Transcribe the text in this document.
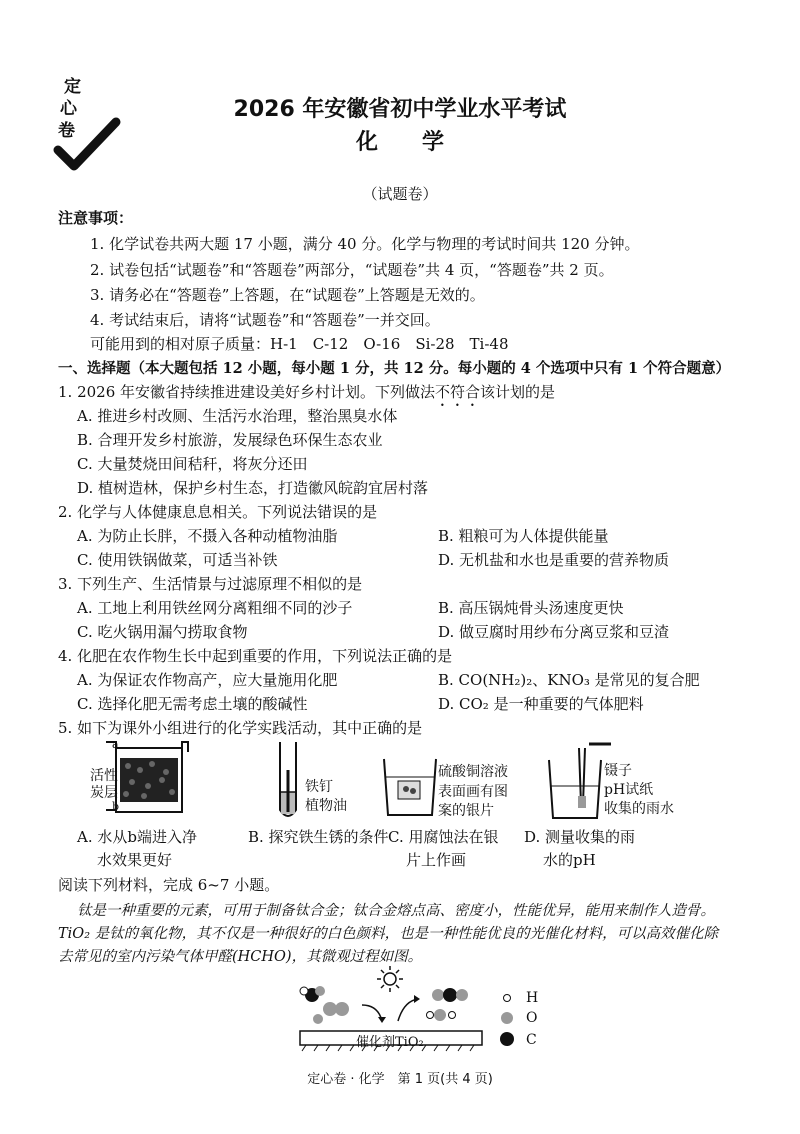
定
心
卷
2026 年安徽省初中学业水平考试
化　　学
（试题卷）
注意事项：
1. 化学试卷共两大题 17 小题，满分 40 分。化学与物理的考试时间共 120 分钟。
2. 试卷包括“试题卷”和“答题卷”两部分，“试题卷”共 4 页，“答题卷”共 2 页。
3. 请务必在“答题卷”上答题，在“试题卷”上答题是无效的。
4. 考试结束后，请将“试题卷”和“答题卷”一并交回。
可能用到的相对原子质量：H-1　C-12　O-16　Si-28　Ti-48
一、选择题（本大题包括 12 小题，每小题 1 分，共 12 分。每小题的 4 个选项中只有 1 个符合题意）
1. 2026 年安徽省持续推进建设美好乡村计划。下列做法不符合该计划的是
A. 推进乡村改厕、生活污水治理，整治黑臭水体
B. 合理开发乡村旅游，发展绿色环保生态农业
C. 大量焚烧田间秸秆，将灰分还田
D. 植树造林，保护乡村生态，打造徽风皖韵宜居村落
2. 化学与人体健康息息相关。下列说法错误的是
A. 为防止长胖，不摄入各种动植物油脂	B. 粗粮可为人体提供能量
C. 使用铁锅做菜，可适当补铁	D. 无机盐和水也是重要的营养物质
3. 下列生产、生活情景与过滤原理不相似的是
A. 工地上利用铁丝网分离粗细不同的沙子	B. 高压锅炖骨头汤速度更快
C. 吃火锅用漏勺捞取食物	D. 做豆腐时用纱布分离豆浆和豆渣
4. 化肥在农作物生长中起到重要的作用，下列说法正确的是
A. 为保证农作物高产，应大量施用化肥	B. CO(NH₂)₂、KNO₃ 是常见的复合肥
C. 选择化肥无需考虑土壤的酸碱性	D. CO₂ 是一种重要的气体肥料
5. 如下为课外小组进行的化学实践活动，其中正确的是
a
b
活性
炭层	铁钉
植物油
硫酸铜溶液
表面画有图
案的银片
镊子
pH试纸
收集的雨水
A. 水从b端进入净
水效果更好
B. 探究铁生锈的条件 C. 用腐蚀法在银
片上作画
D. 测量收集的雨
水的pH
阅读下列材料，完成 6~7 小题。
钛是一种重要的元素，可用于制备钛合金；钛合金熔点高、密度小，性能优异，能用来制作人造骨。
TiO₂ 是钛的氧化物，其不仅是一种很好的白色颜料，也是一种性能优良的光催化材料，可以高效催化除
去常见的室内污染气体甲醛(HCHO)，其微观过程如图。
催化剂TiO₂
H
O
C
定心卷 · 化学　第 1 页(共 4 页)
